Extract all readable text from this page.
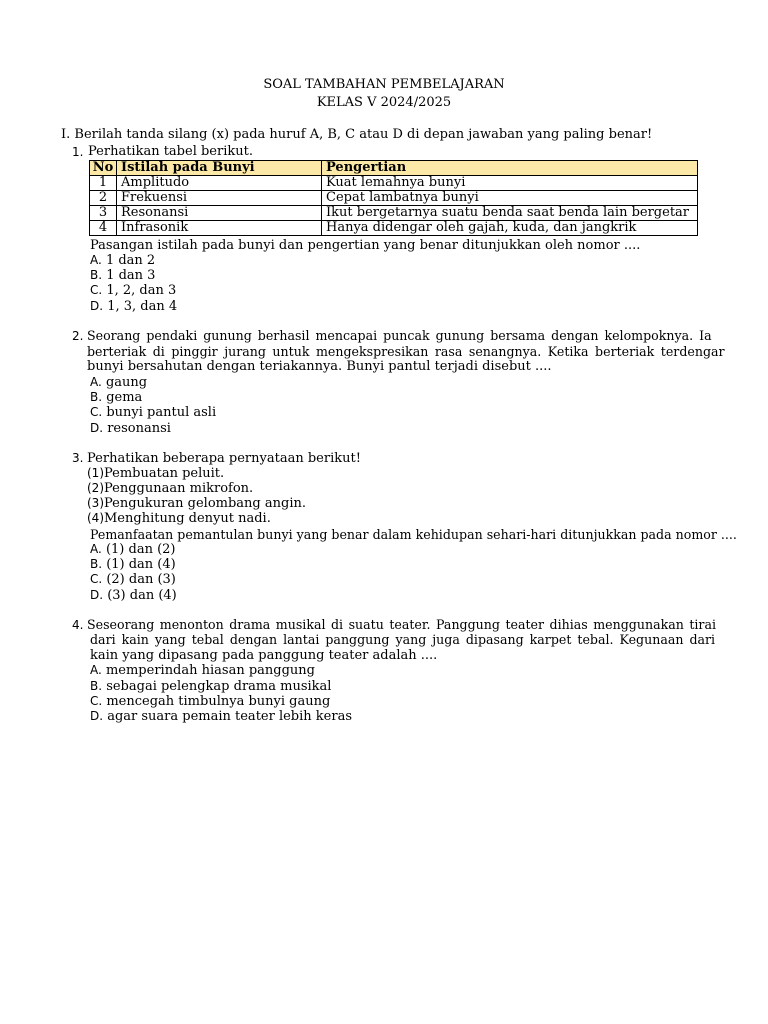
SOAL TAMBAHAN PEMBELAJARAN
KELAS V 2024/2025
I. Berilah tanda silang (x) pada huruf A, B, C atau D di depan jawaban yang paling benar!
1. Perhatikan tabel berikut.
No	Istilah pada Bunyi	Pengertian
1	Amplitudo	Kuat lemahnya bunyi
2	Frekuensi	Cepat lambatnya bunyi
3	Resonansi	Ikut bergetarnya suatu benda saat benda lain bergetar
4	Infrasonik	Hanya didengar oleh gajah, kuda, dan jangkrik
Pasangan istilah pada bunyi dan pengertian yang benar ditunjukkan oleh nomor ....
A. 1 dan 2
B. 1 dan 3
C. 1, 2, dan 3
D. 1, 3, dan 4
2. Seorang pendaki gunung berhasil mencapai puncak gunung bersama dengan kelompoknya. Ia
berteriak di pinggir jurang untuk mengekspresikan rasa senangnya. Ketika berteriak terdengar
bunyi bersahutan dengan teriakannya. Bunyi pantul terjadi disebut ....
A. gaung
B. gema
C. bunyi pantul asli
D. resonansi
3. Perhatikan beberapa pernyataan berikut!
(1)Pembuatan peluit.
(2)Penggunaan mikrofon.
(3)Pengukuran gelombang angin.
(4)Menghitung denyut nadi.
Pemanfaatan pemantulan bunyi yang benar dalam kehidupan sehari-hari ditunjukkan pada nomor ....
A. (1) dan (2)
B. (1) dan (4)
C. (2) dan (3)
D. (3) dan (4)
4. Seseorang menonton drama musikal di suatu teater. Panggung teater dihias menggunakan tirai
dari kain yang tebal dengan lantai panggung yang juga dipasang karpet tebal. Kegunaan dari
kain yang dipasang pada panggung teater adalah ....
A. memperindah hiasan panggung
B. sebagai pelengkap drama musikal
C. mencegah timbulnya bunyi gaung
D. agar suara pemain teater lebih keras
